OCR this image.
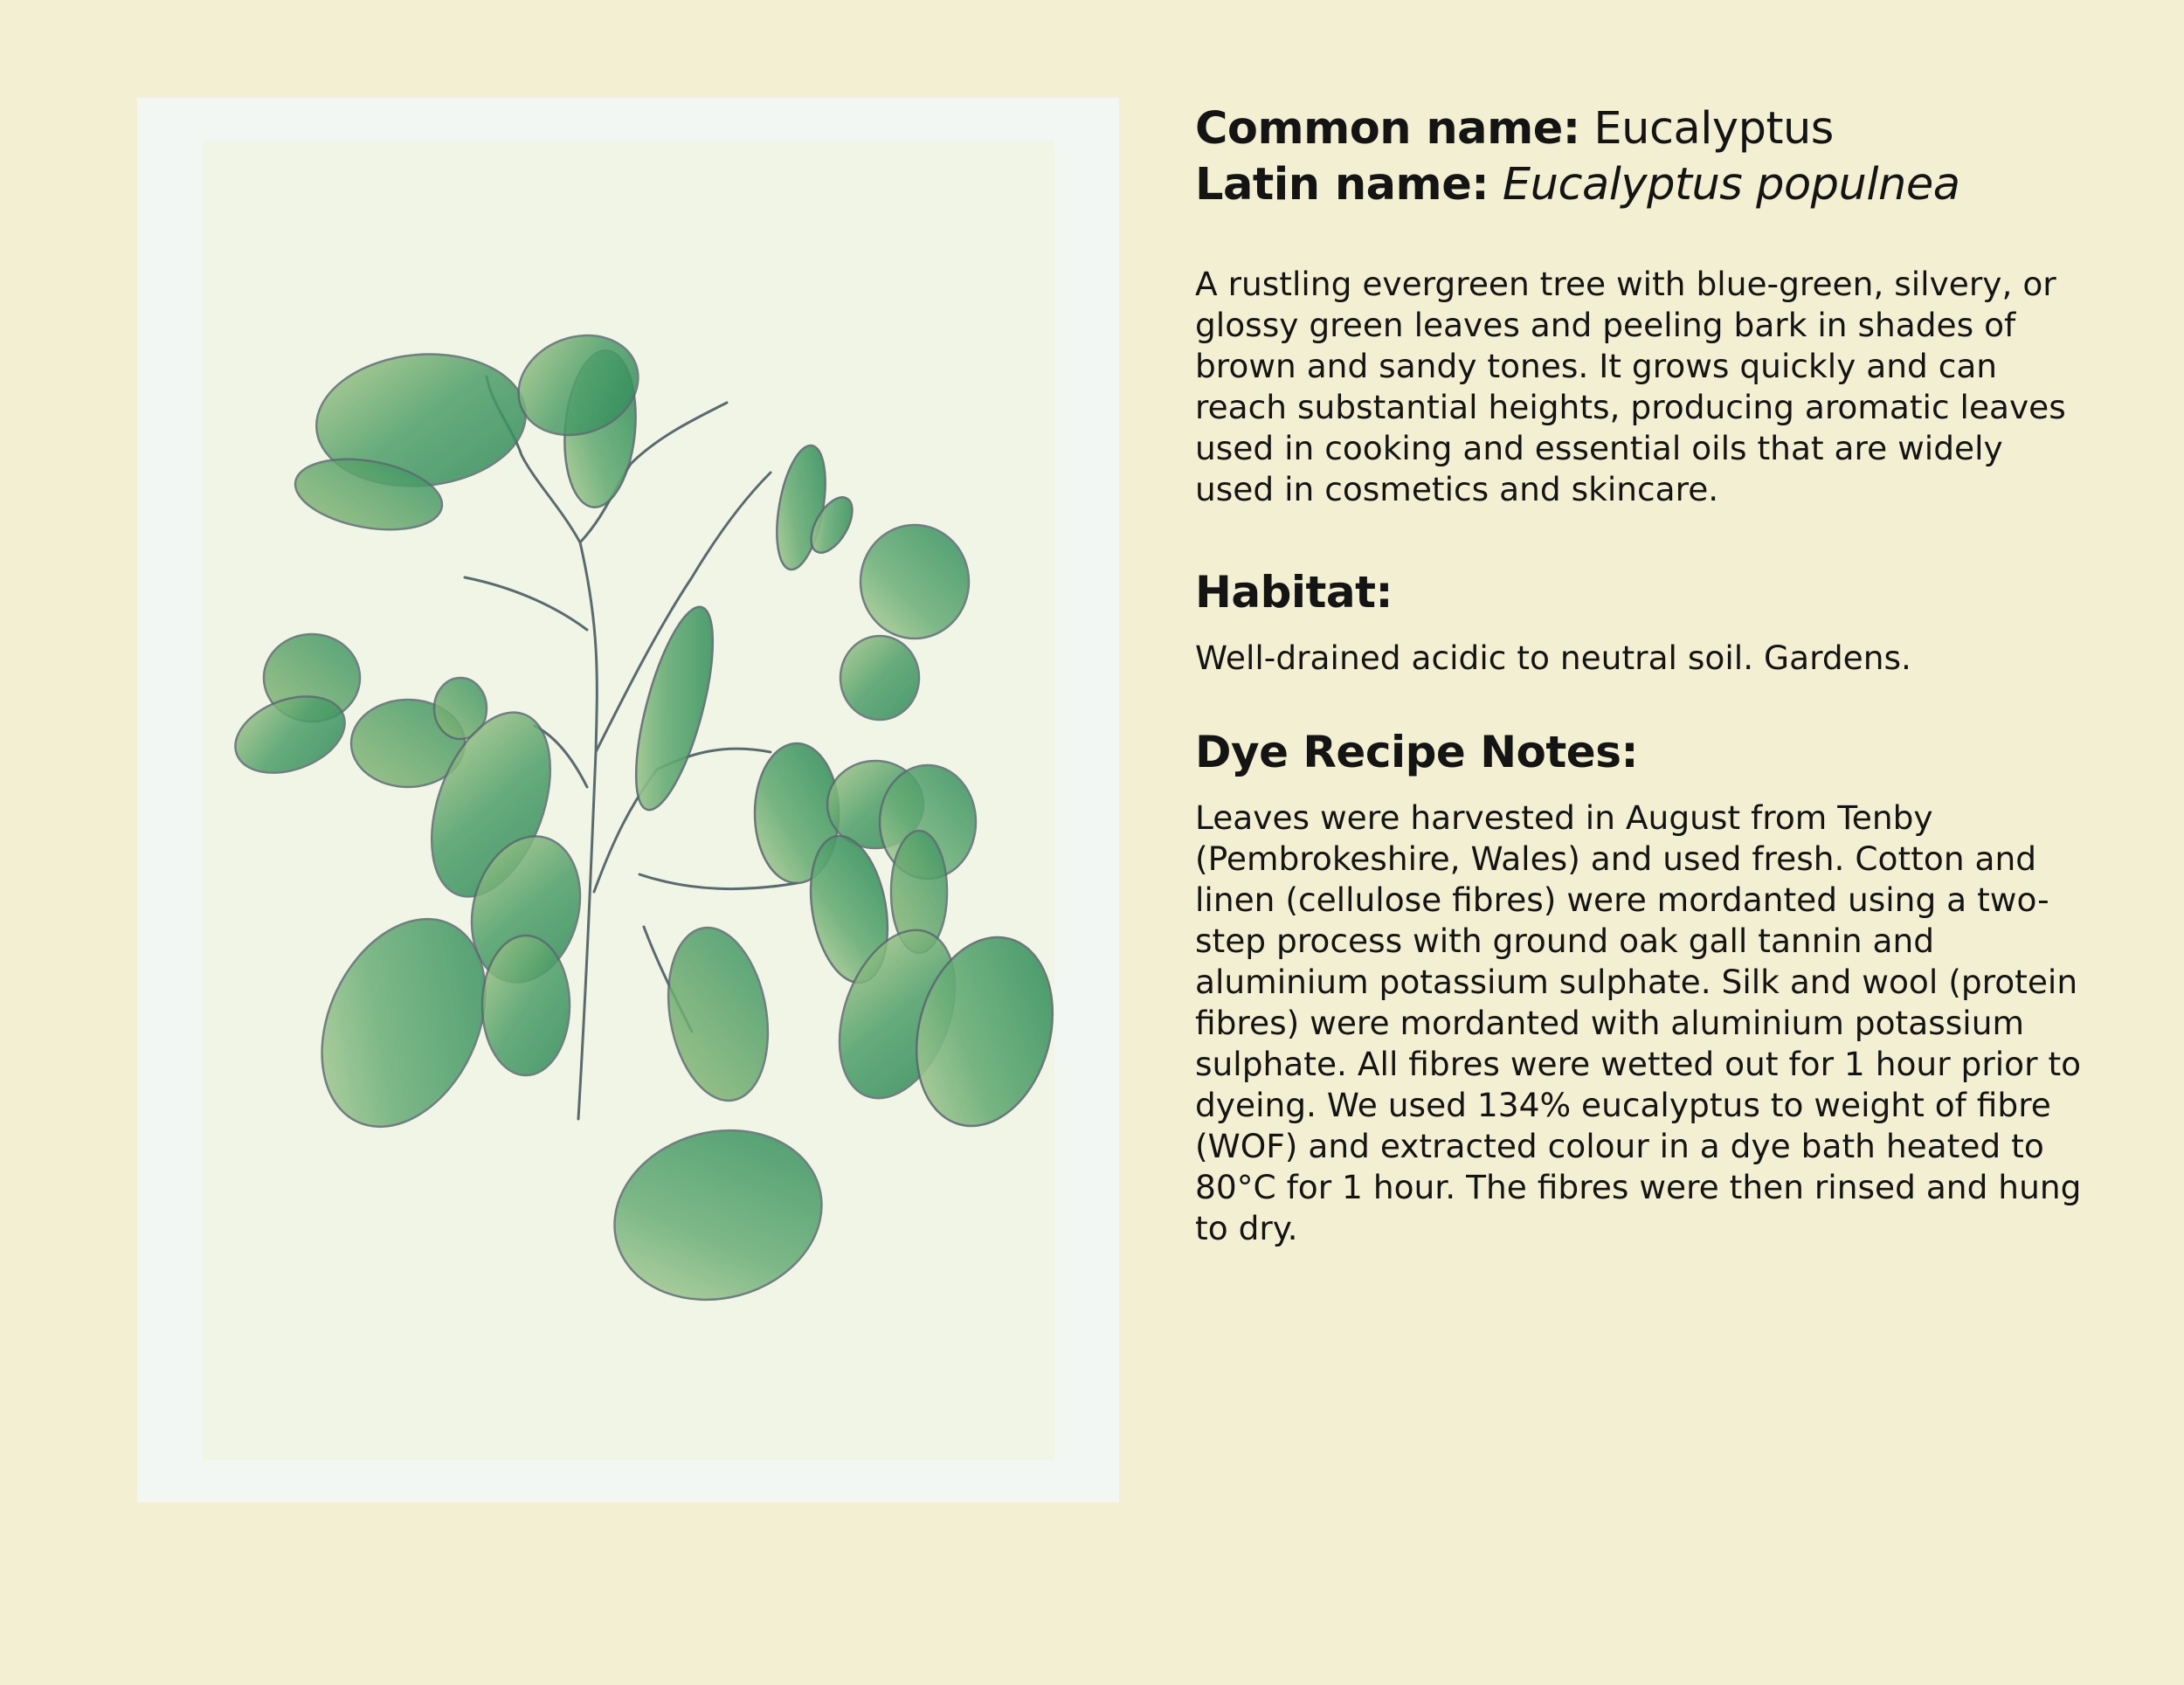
Common name: Eucalyptus
Latin name: Eucalyptus populnea

A rustling evergreen tree with blue-green, silvery, or glossy green leaves and peeling bark in shades of brown and sandy tones. It grows quickly and can reach substantial heights, producing aromatic leaves used in cooking and essential oils that are widely used in cosmetics and skincare.

Habitat:

Well-drained acidic to neutral soil. Gardens.

Dye Recipe Notes:

Leaves were harvested in August from Tenby (Pembrokeshire, Wales) and used fresh. Cotton and linen (cellulose fibres) were mordanted using a two-step process with ground oak gall tannin and aluminium potassium sulphate. Silk and wool (protein fibres) were mordanted with aluminium potassium sulphate. All fibres were wetted out for 1 hour prior to dyeing. We used 134% eucalyptus to weight of fibre (WOF) and extracted colour in a dye bath heated to 80°C for 1 hour. The fibres were then rinsed and hung to dry.
